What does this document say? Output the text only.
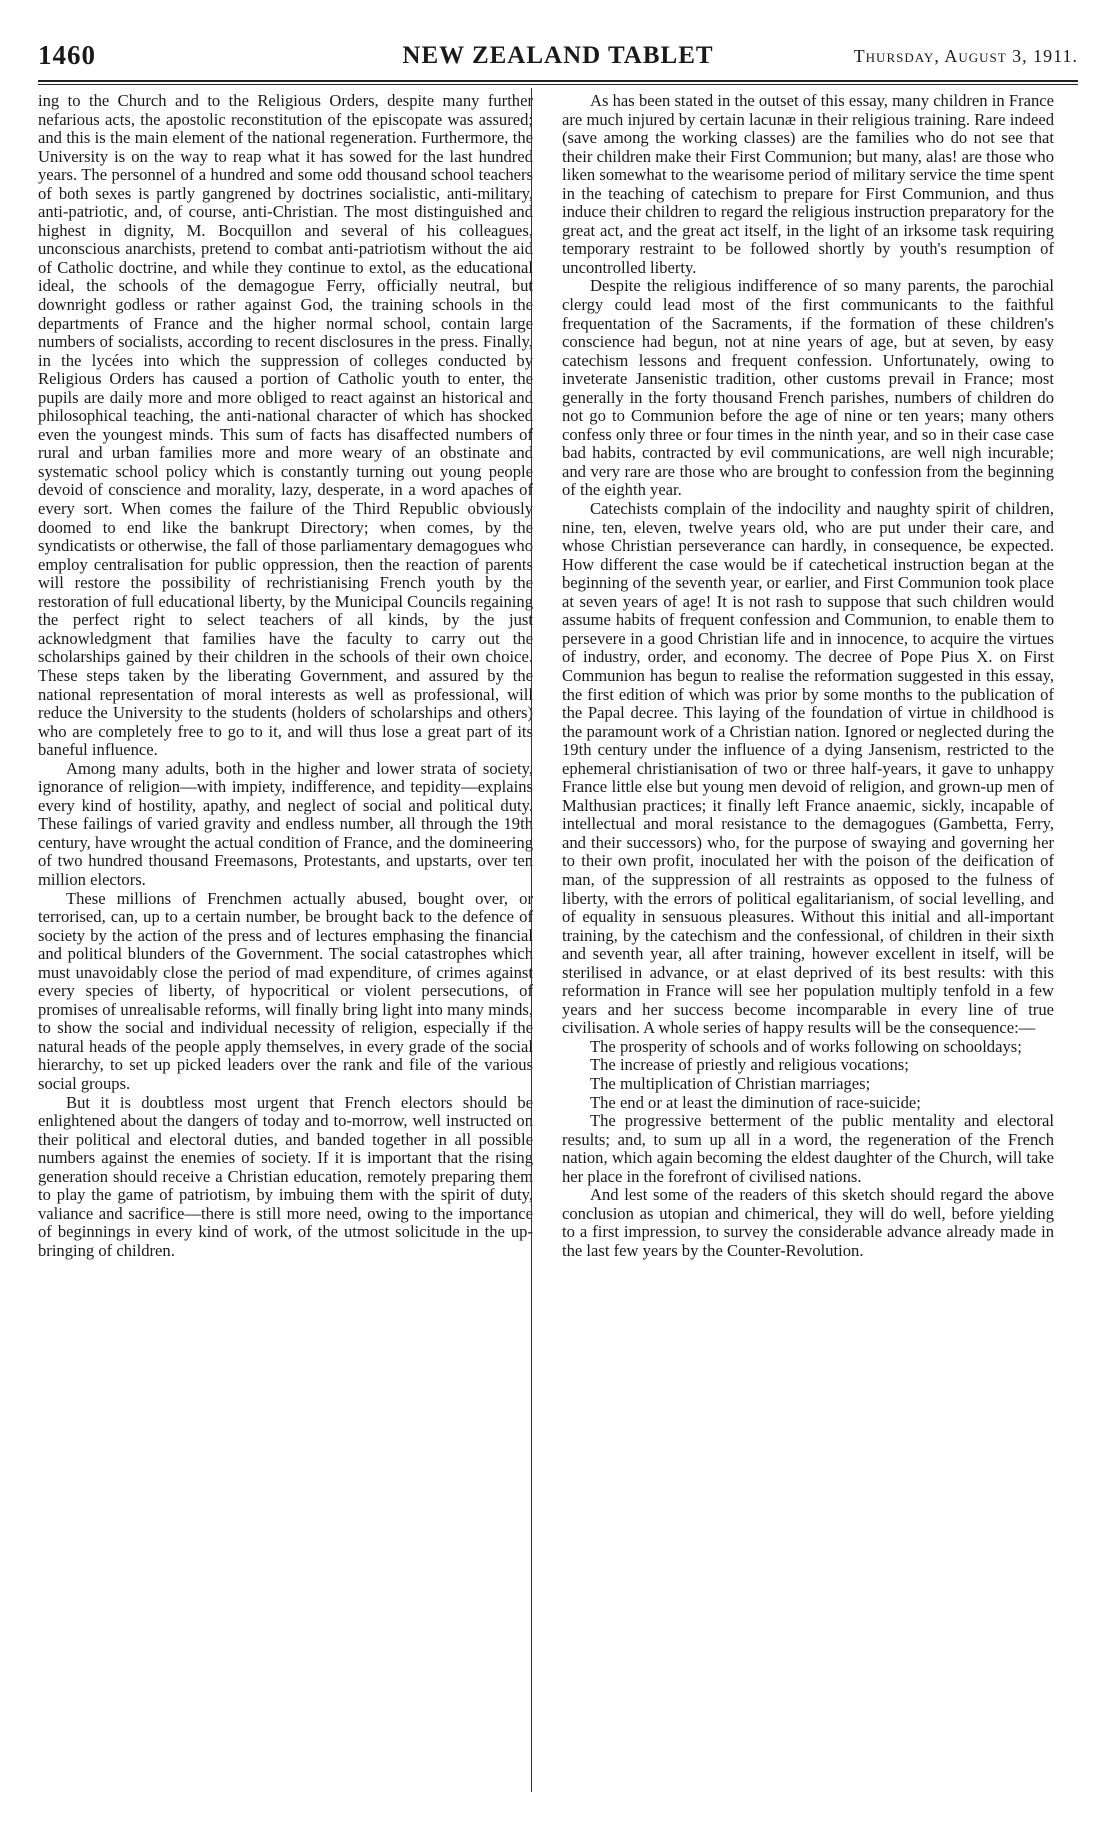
1460	NEW ZEALAND TABLET	Thursday, August 3, 1911.

ing to the Church and to the Religious Orders, despite many further nefarious acts, the apostolic reconstitution of the episcopate was assured; and this is the main element of the national regeneration. Furthermore, the University is on the way to reap what it has sowed for the last hundred years. The personnel of a hundred and some odd thousand school teachers of both sexes is partly gangrened by doctrines socialistic, anti-military, anti-patriotic, and, of course, anti-Christian. The most distinguished and highest in dignity, M. Bocquillon and several of his colleagues, unconscious anarchists, pretend to combat anti-patriotism without the aid of Catholic doctrine, and while they continue to extol, as the educational ideal, the schools of the demagogue Ferry, officially neutral, but downright godless or rather against God, the training schools in the departments of France and the higher normal school, contain large numbers of socialists, according to recent disclosures in the press. Finally, in the lycées into which the suppression of colleges conducted by Religious Orders has caused a portion of Catholic youth to enter, the pupils are daily more and more obliged to react against an historical and philosophical teaching, the anti-national character of which has shocked even the youngest minds. This sum of facts has disaffected numbers of rural and urban families more and more weary of an obstinate and systematic school policy which is constantly turning out young people devoid of conscience and morality, lazy, desperate, in a word apaches of every sort. When comes the failure of the Third Republic obviously doomed to end like the bankrupt Directory; when comes, by the syndicatists or otherwise, the fall of those parliamentary demagogues who employ centralisation for public oppression, then the reaction of parents will restore the possibility of rechristianising French youth by the restoration of full educational liberty, by the Municipal Councils regaining the perfect right to select teachers of all kinds, by the just acknowledgment that families have the faculty to carry out the scholarships gained by their children in the schools of their own choice. These steps taken by the liberating Government, and assured by the national representation of moral interests as well as professional, will reduce the University to the students (holders of scholarships and others) who are completely free to go to it, and will thus lose a great part of its baneful influence.

Among many adults, both in the higher and lower strata of society, ignorance of religion—with impiety, indifference, and tepidity—explains every kind of hostility, apathy, and neglect of social and political duty. These failings of varied gravity and endless number, all through the 19th century, have wrought the actual condition of France, and the domineering of two hundred thousand Freemasons, Protestants, and upstarts, over ten million electors.

These millions of Frenchmen actually abused, bought over, or terrorised, can, up to a certain number, be brought back to the defence of society by the action of the press and of lectures emphasing the financial and political blunders of the Government. The social catastrophes which must unavoidably close the period of mad expenditure, of crimes against every species of liberty, of hypocritical or violent persecutions, of promises of unrealisable reforms, will finally bring light into many minds, to show the social and individual necessity of religion, especially if the natural heads of the people apply themselves, in every grade of the social hierarchy, to set up picked leaders over the rank and file of the various social groups.

But it is doubtless most urgent that French electors should be enlightened about the dangers of today and to-morrow, well instructed on their political and electoral duties, and banded together in all possible numbers against the enemies of society. If it is important that the rising generation should receive a Christian education, remotely preparing them to play the game of patriotism, by imbuing them with the spirit of duty, valiance and sacrifice—there is still more need, owing to the importance of beginnings in every kind of work, of the utmost solicitude in the up-bringing of children.

As has been stated in the outset of this essay, many children in France are much injured by certain lacunæ in their religious training. Rare indeed (save among the working classes) are the families who do not see that their children make their First Communion; but many, alas! are those who liken somewhat to the wearisome period of military service the time spent in the teaching of catechism to prepare for First Communion, and thus induce their children to regard the religious instruction preparatory for the great act, and the great act itself, in the light of an irksome task requiring temporary restraint to be followed shortly by youth's resumption of uncontrolled liberty.

Despite the religious indifference of so many parents, the parochial clergy could lead most of the first communicants to the faithful frequentation of the Sacraments, if the formation of these children's conscience had begun, not at nine years of age, but at seven, by easy catechism lessons and frequent confession. Unfortunately, owing to inveterate Jansenistic tradition, other customs prevail in France; most generally in the forty thousand French parishes, numbers of children do not go to Communion before the age of nine or ten years; many others confess only three or four times in the ninth year, and so in their case case bad habits, contracted by evil communications, are well nigh incurable; and very rare are those who are brought to confession from the beginning of the eighth year.

Catechists complain of the indocility and naughty spirit of children, nine, ten, eleven, twelve years old, who are put under their care, and whose Christian perseverance can hardly, in consequence, be expected. How different the case would be if catechetical instruction began at the beginning of the seventh year, or earlier, and First Communion took place at seven years of age! It is not rash to suppose that such children would assume habits of frequent confession and Communion, to enable them to persevere in a good Christian life and in innocence, to acquire the virtues of industry, order, and economy. The decree of Pope Pius X. on First Communion has begun to realise the reformation suggested in this essay, the first edition of which was prior by some months to the publication of the Papal decree. This laying of the foundation of virtue in childhood is the paramount work of a Christian nation. Ignored or neglected during the 19th century under the influence of a dying Jansenism, restricted to the ephemeral christianisation of two or three half-years, it gave to unhappy France little else but young men devoid of religion, and grown-up men of Malthusian practices; it finally left France anaemic, sickly, incapable of intellectual and moral resistance to the demagogues (Gambetta, Ferry, and their successors) who, for the purpose of swaying and governing her to their own profit, inoculated her with the poison of the deification of man, of the suppression of all restraints as opposed to the fulness of liberty, with the errors of political egalitarianism, of social levelling, and of equality in sensuous pleasures. Without this initial and all-important training, by the catechism and the confessional, of children in their sixth and seventh year, all after training, however excellent in itself, will be sterilised in advance, or at elast deprived of its best results: with this reformation in France will see her population multiply tenfold in a few years and her success become incomparable in every line of true civilisation. A whole series of happy results will be the consequence:—

The prosperity of schools and of works following on schooldays;

The increase of priestly and religious vocations;

The multiplication of Christian marriages;

The end or at least the diminution of race-suicide;

The progressive betterment of the public mentality and electoral results; and, to sum up all in a word, the regeneration of the French nation, which again becoming the eldest daughter of the Church, will take her place in the forefront of civilised nations.

And lest some of the readers of this sketch should regard the above conclusion as utopian and chimerical, they will do well, before yielding to a first impression, to survey the considerable advance already made in the last few years by the Counter-Revolution.
